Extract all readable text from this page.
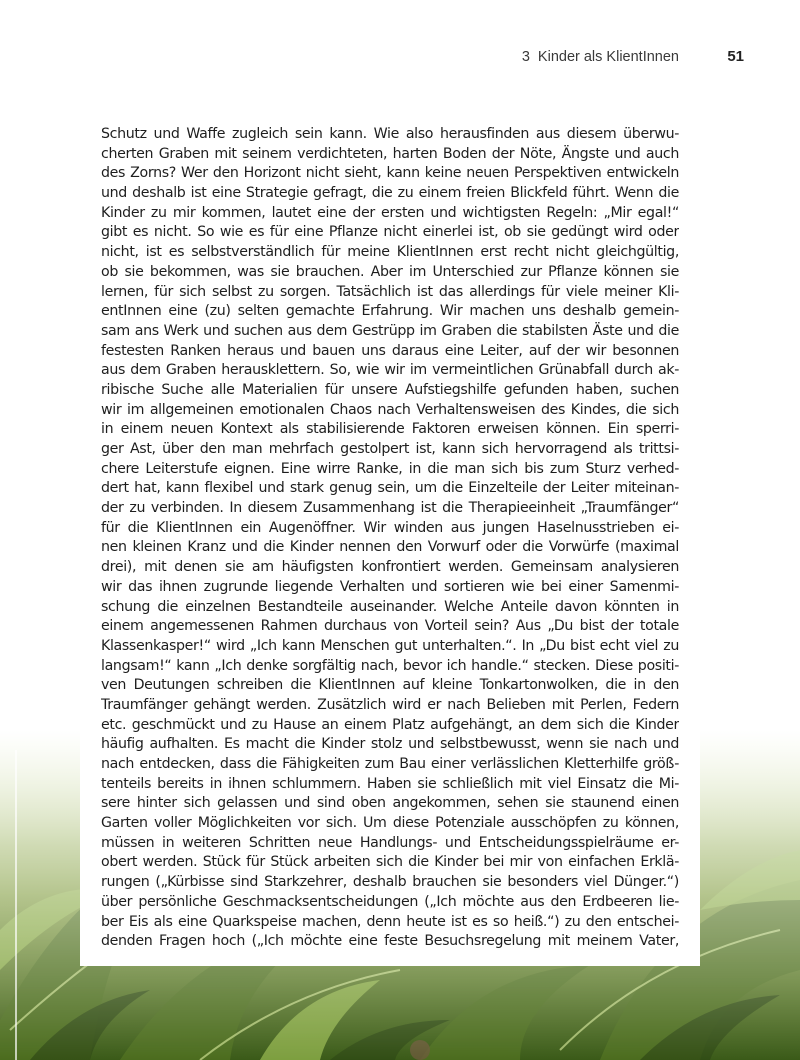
3 Kinder als KlientInnen	51
Schutz und Waffe zugleich sein kann. Wie also herausfinden aus diesem überwu-
cherten Graben mit seinem verdichteten, harten Boden der Nöte, Ängste und auch
des Zorns? Wer den Horizont nicht sieht, kann keine neuen Perspektiven entwickeln
und deshalb ist eine Strategie gefragt, die zu einem freien Blickfeld führt. Wenn die
Kinder zu mir kommen, lautet eine der ersten und wichtigsten Regeln: „Mir egal!“
gibt es nicht. So wie es für eine Pflanze nicht einerlei ist, ob sie gedüngt wird oder
nicht, ist es selbstverständlich für meine KlientInnen erst recht nicht gleichgültig,
ob sie bekommen, was sie brauchen. Aber im Unterschied zur Pflanze können sie
lernen, für sich selbst zu sorgen. Tatsächlich ist das allerdings für viele meiner Kli-
entInnen eine (zu) selten gemachte Erfahrung. Wir machen uns deshalb gemein-
sam ans Werk und suchen aus dem Gestrüpp im Graben die stabilsten Äste und die
festesten Ranken heraus und bauen uns daraus eine Leiter, auf der wir besonnen
aus dem Graben herausklettern. So, wie wir im vermeintlichen Grünabfall durch ak-
ribische Suche alle Materialien für unsere Aufstiegshilfe gefunden haben, suchen
wir im allgemeinen emotionalen Chaos nach Verhaltensweisen des Kindes, die sich
in einem neuen Kontext als stabilisierende Faktoren erweisen können. Ein sperri-
ger Ast, über den man mehrfach gestolpert ist, kann sich hervorragend als trittsi-
chere Leiterstufe eignen. Eine wirre Ranke, in die man sich bis zum Sturz verhed-
dert hat, kann flexibel und stark genug sein, um die Einzelteile der Leiter miteinan-
der zu verbinden. In diesem Zusammenhang ist die Therapieeinheit „Traumfänger“
für die KlientInnen ein Augenöffner. Wir winden aus jungen Haselnusstrieben ei-
nen kleinen Kranz und die Kinder nennen den Vorwurf oder die Vorwürfe (maximal
drei), mit denen sie am häufigsten konfrontiert werden. Gemeinsam analysieren
wir das ihnen zugrunde liegende Verhalten und sortieren wie bei einer Samenmi-
schung die einzelnen Bestandteile auseinander. Welche Anteile davon könnten in
einem angemessenen Rahmen durchaus von Vorteil sein? Aus „Du bist der totale
Klassenkasper!“ wird „Ich kann Menschen gut unterhalten.“. In „Du bist echt viel zu
langsam!“ kann „Ich denke sorgfältig nach, bevor ich handle.“ stecken. Diese positi-
ven Deutungen schreiben die KlientInnen auf kleine Tonkartonwolken, die in den
Traumfänger gehängt werden. Zusätzlich wird er nach Belieben mit Perlen, Federn
etc. geschmückt und zu Hause an einem Platz aufgehängt, an dem sich die Kinder
häufig aufhalten. Es macht die Kinder stolz und selbstbewusst, wenn sie nach und
nach entdecken, dass die Fähigkeiten zum Bau einer verlässlichen Kletterhilfe größ-
tenteils bereits in ihnen schlummern. Haben sie schließlich mit viel Einsatz die Mi-
sere hinter sich gelassen und sind oben angekommen, sehen sie staunend einen
Garten voller Möglichkeiten vor sich. Um diese Potenziale ausschöpfen zu können,
müssen in weiteren Schritten neue Handlungs- und Entscheidungsspielräume er-
obert werden. Stück für Stück arbeiten sich die Kinder bei mir von einfachen Erklä-
rungen („Kürbisse sind Starkzehrer, deshalb brauchen sie besonders viel Dünger.“)
über persönliche Geschmacksentscheidungen („Ich möchte aus den Erdbeeren lie-
ber Eis als eine Quarkspeise machen, denn heute ist es so heiß.“) zu den entschei-
denden Fragen hoch („Ich möchte eine feste Besuchsregelung mit meinem Vater,
